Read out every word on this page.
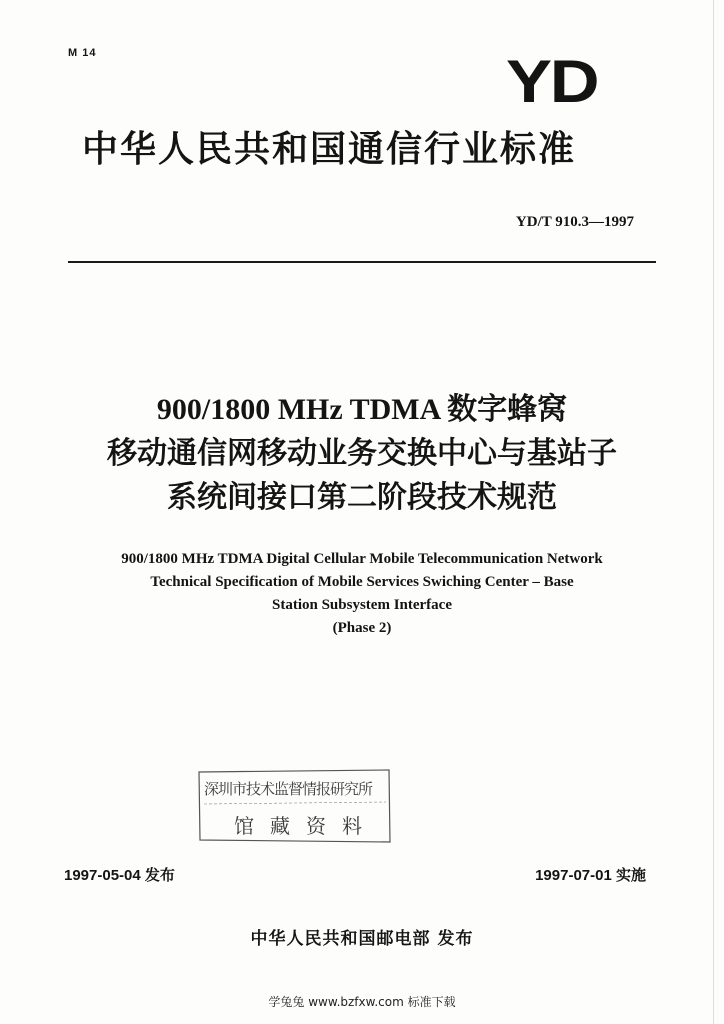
M 14	YD
中华人民共和国通信行业标准
YD/T 910.3—1997
900/1800 MHz TDMA 数字蜂窝
移动通信网移动业务交换中心与基站子
系统间接口第二阶段技术规范
900/1800 MHz TDMA Digital Cellular Mobile Telecommunication Network
Technical Specification of Mobile Services Swiching Center – Base
Station Subsystem Interface
(Phase 2)
深圳市技术监督情报研究所
馆藏资料
1997-05-04 发布	1997-07-01 实施
中华人民共和国邮电部 发布
学兔兔 www.bzfxw.com 标准下载
